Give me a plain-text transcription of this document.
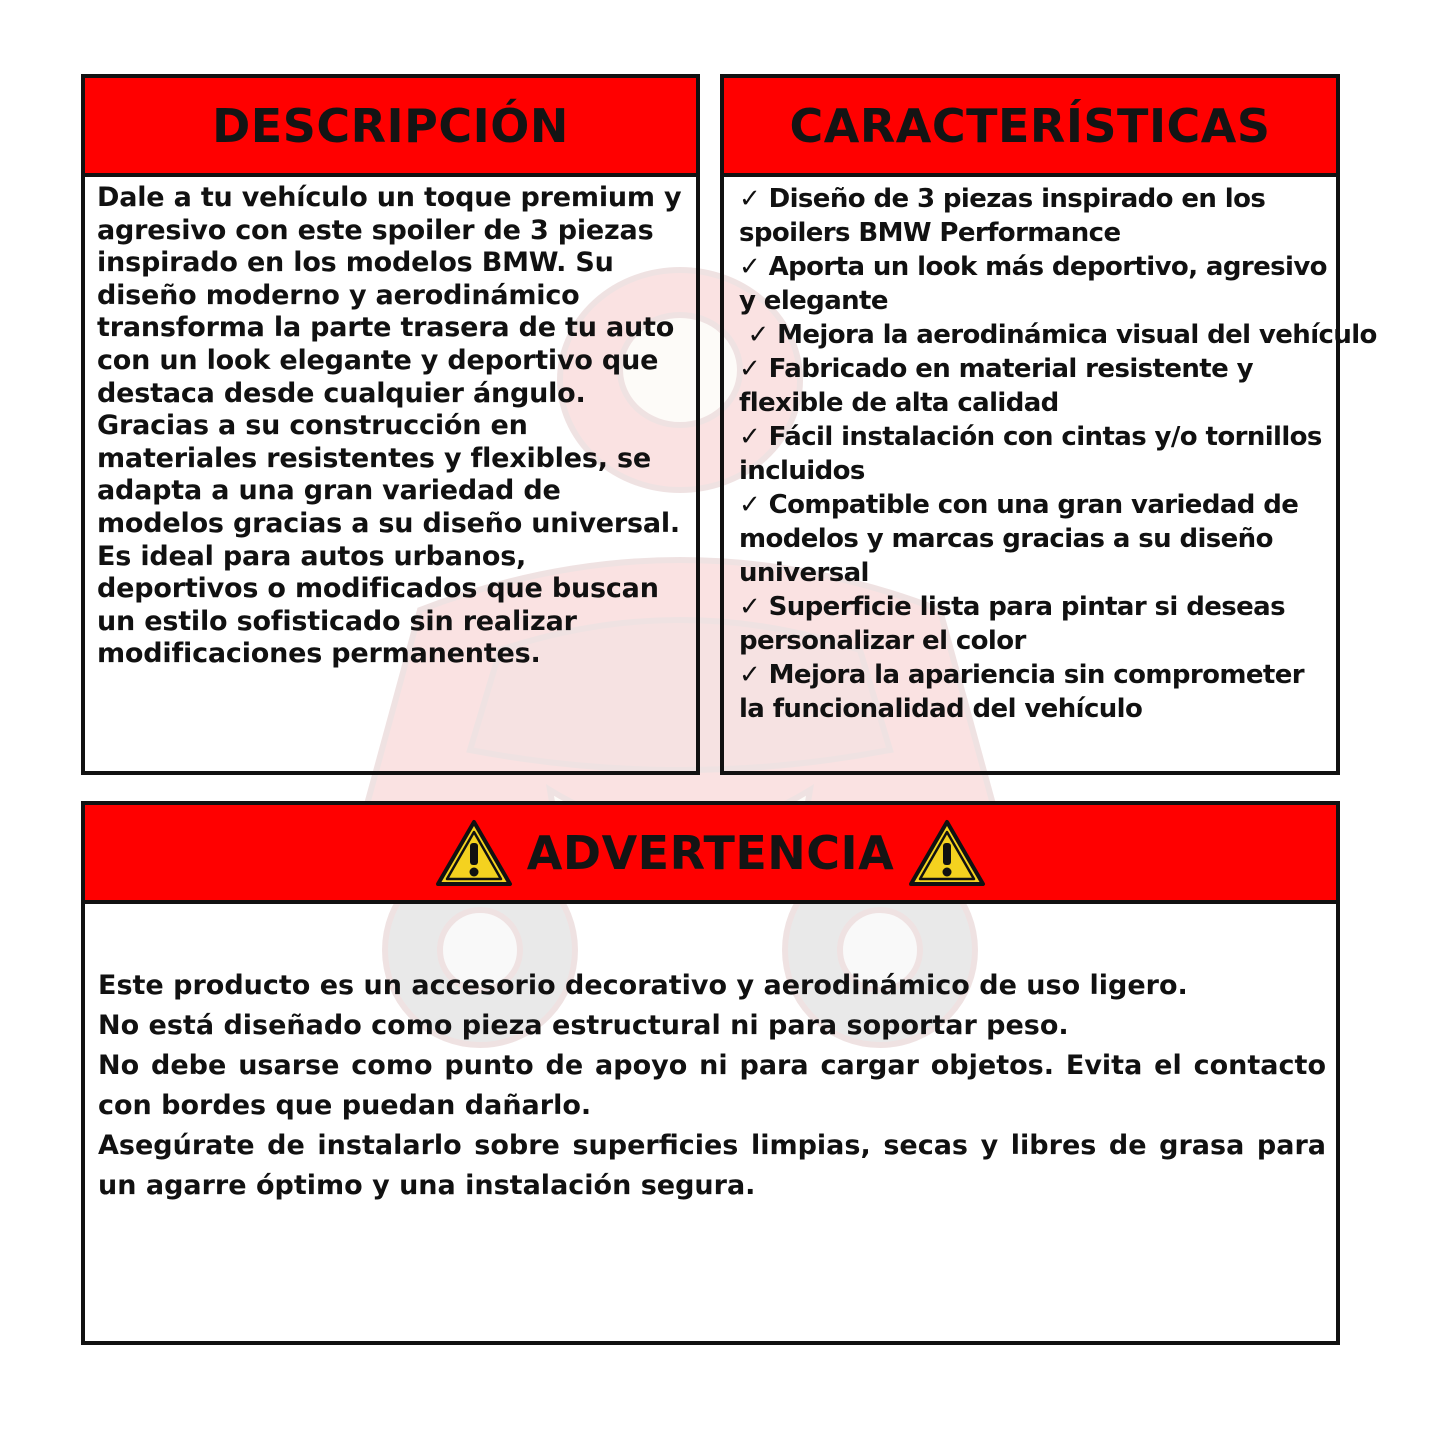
DESCRIPCIÓN
Dale a tu vehículo un toque premium y agresivo con este spoiler de 3 piezas inspirado en los modelos BMW. Su diseño moderno y aerodinámico transforma la parte trasera de tu auto con un look elegante y deportivo que destaca desde cualquier ángulo.
Gracias a su construcción en materiales resistentes y flexibles, se adapta a una gran variedad de modelos gracias a su diseño universal. Es ideal para autos urbanos, deportivos o modificados que buscan un estilo sofisticado sin realizar modificaciones permanentes.
CARACTERÍSTICAS

✓ Diseño de 3 piezas inspirado en los spoilers BMW Performance

✓ Aporta un look más deportivo, agresivo y elegante

✓ Mejora la aerodinámica visual del vehículo

✓ Fabricado en material resistente y flexible de alta calidad

✓ Fácil instalación con cintas y/o tornillos incluidos

✓ Compatible con una gran variedad de modelos y marcas gracias a su diseño universal

✓ Superficie lista para pintar si deseas personalizar el color

✓ Mejora la apariencia sin comprometer la funcionalidad del vehículo

ADVERTENCIA

Este producto es un accesorio decorativo y aerodinámico de uso ligero.

No está diseñado como pieza estructural ni para soportar peso.

No debe usarse como punto de apoyo ni para cargar objetos. Evita el contacto con bordes que puedan dañarlo.

Asegúrate de instalarlo sobre superficies limpias, secas y libres de grasa para un agarre óptimo y una instalación segura.
